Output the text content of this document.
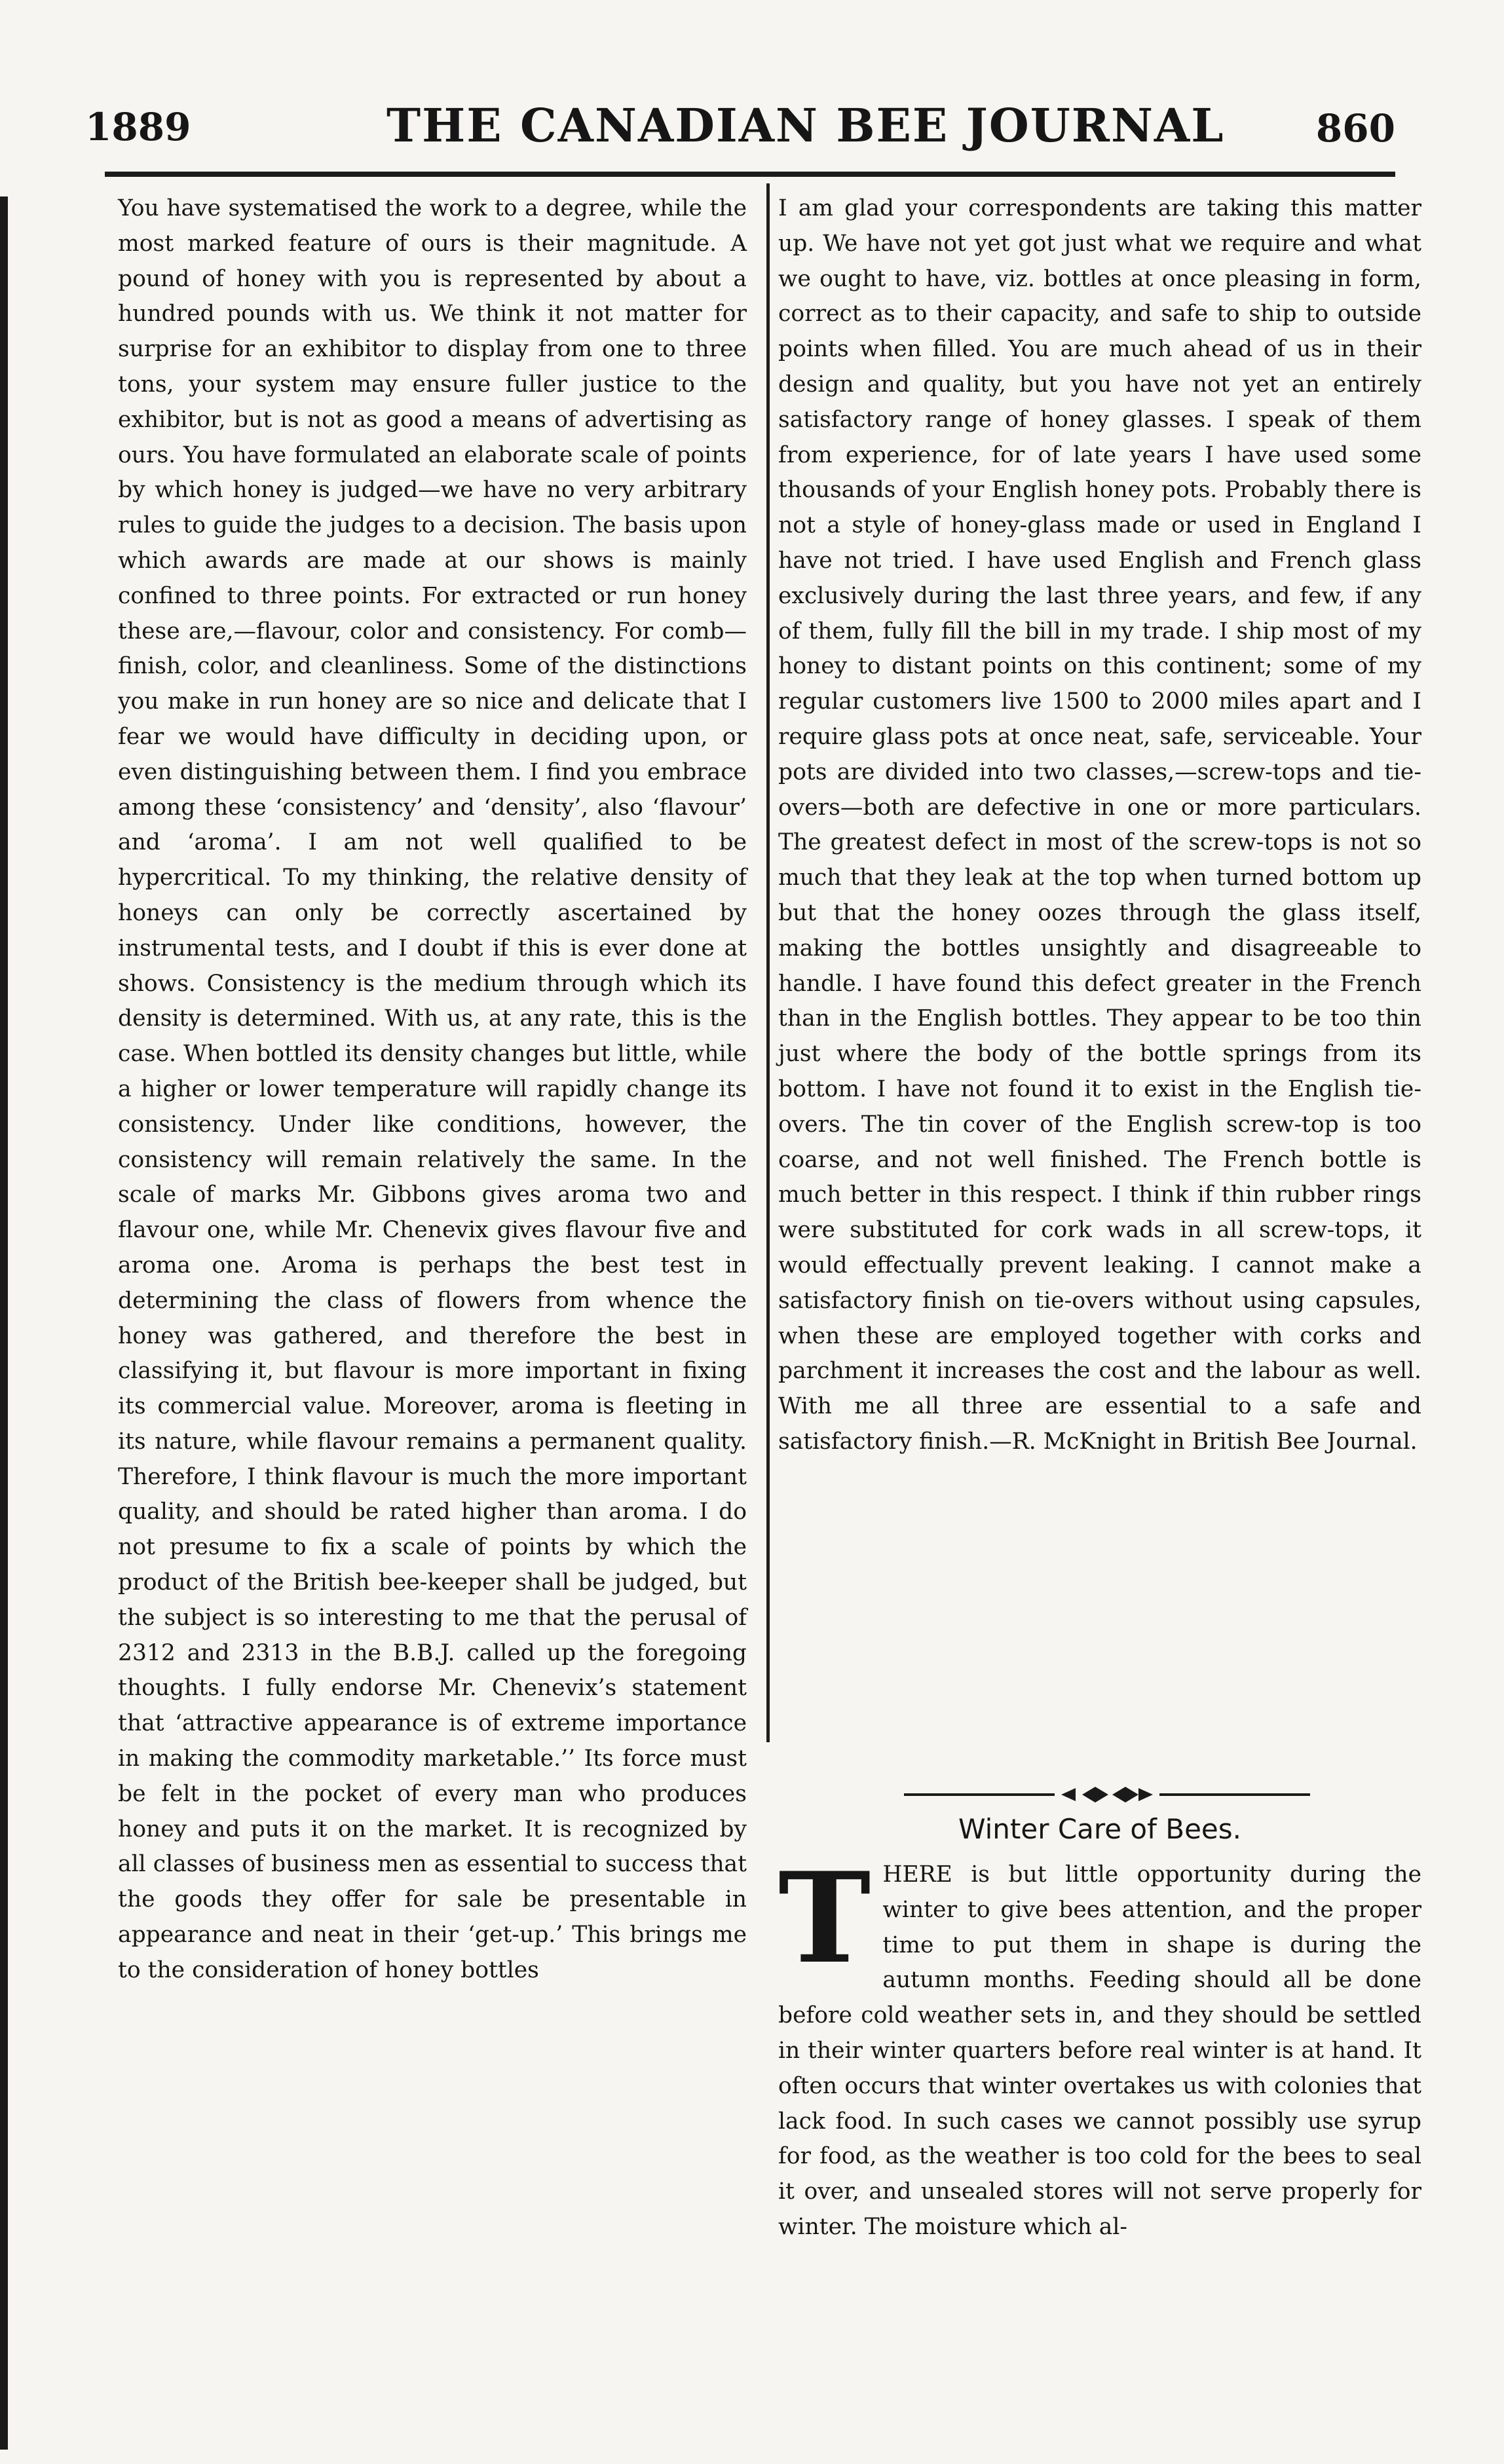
1889	THE CANADIAN BEE JOURNAL 860

You have systematised the work to a degree, while the most marked feature of ours is their magnitude. A pound of honey with you is represented by about a hundred pounds with us. We think it not matter for surprise for an exhibitor to display from one to three tons, your system may ensure fuller justice to the exhibitor, but is not as good a means of advertising as ours. You have formulated an elaborate scale of points by which honey is judged—we have no very arbitrary rules to guide the judges to a decision. The basis upon which awards are made at our shows is mainly confined to three points. For extracted or run honey these are,—flavour, color and consistency. For comb—finish, color, and cleanliness. Some of the distinctions you make in run honey are so nice and delicate that I fear we would have difficulty in deciding upon, or even distinguishing between them. I find you embrace among these ‘consistency’ and ‘density’, also ‘flavour’ and ‘aroma’. I am not well qualified to be hypercritical. To my thinking, the relative density of honeys can only be correctly ascertained by instrumental tests, and I doubt if this is ever done at shows. Consistency is the medium through which its density is determined. With us, at any rate, this is the case. When bottled its density changes but little, while a higher or lower temperature will rapidly change its consistency. Under like conditions, however, the consistency will remain relatively the same. In the scale of marks Mr. Gibbons gives aroma two and flavour one, while Mr. Chenevix gives flavour five and aroma one. Aroma is perhaps the best test in determining the class of flowers from whence the honey was gathered, and therefore the best in classifying it, but flavour is more important in fixing its commercial value. Moreover, aroma is fleeting in its nature, while flavour remains a permanent quality. Therefore, I think flavour is much the more important quality, and should be rated higher than aroma. I do not presume to fix a scale of points by which the product of the British bee-keeper shall be judged, but the subject is so interesting to me that the perusal of 2312 and 2313 in the B.B.J. called up the foregoing thoughts. I fully endorse Mr. Chenevix’s statement that ‘attractive appearance is of extreme importance in making the commodity marketable.’’ Its force must be felt in the pocket of every man who produces honey and puts it on the market. It is recognized by all classes of business men as essential to success that the goods they offer for sale be presentable in appearance and neat in their ‘get-up.’ This brings me to the consideration of honey bottles

I am glad your correspondents are taking this matter up. We have not yet got just what we require and what we ought to have, viz. bottles at once pleasing in form, correct as to their capacity, and safe to ship to outside points when filled. You are much ahead of us in their design and quality, but you have not yet an entirely satisfactory range of honey glasses. I speak of them from experience, for of late years I have used some thousands of your English honey pots. Probably there is not a style of honey-glass made or used in England I have not tried. I have used English and French glass exclusively during the last three years, and few, if any of them, fully fill the bill in my trade. I ship most of my honey to distant points on this continent; some of my regular customers live 1500 to 2000 miles apart and I require glass pots at once neat, safe, serviceable. Your pots are divided into two classes,—screw-tops and tie-overs—both are defective in one or more particulars. The greatest defect in most of the screw-tops is not so much that they leak at the top when turned bottom up but that the honey oozes through the glass itself, making the bottles unsightly and disagreeable to handle. I have found this defect greater in the French than in the English bottles. They appear to be too thin just where the body of the bottle springs from its bottom. I have not found it to exist in the English tie-overs. The tin cover of the English screw-top is too coarse, and not well finished. The French bottle is much better in this respect. I think if thin rubber rings were substituted for cork wads in all screw-tops, it would effectually prevent leaking. I cannot make a satisfactory finish on tie-overs without using capsules, when these are employed together with corks and parchment it increases the cost and the labour as well. With me all three are essential to a safe and satisfactory finish.—R. McKnight in British Bee Journal.

Winter Care of Bees.
T HERE is but little opportunity during the winter to give bees attention, and the proper time to put them in shape is during the autumn months. Feeding should all be done before cold weather sets in, and they should be settled in their winter quarters before real winter is at hand. It often occurs that winter overtakes us with colonies that lack food. In such cases we cannot possibly use syrup for food, as the weather is too cold for the bees to seal it over, and unsealed stores will not serve properly for winter. The moisture which al-
